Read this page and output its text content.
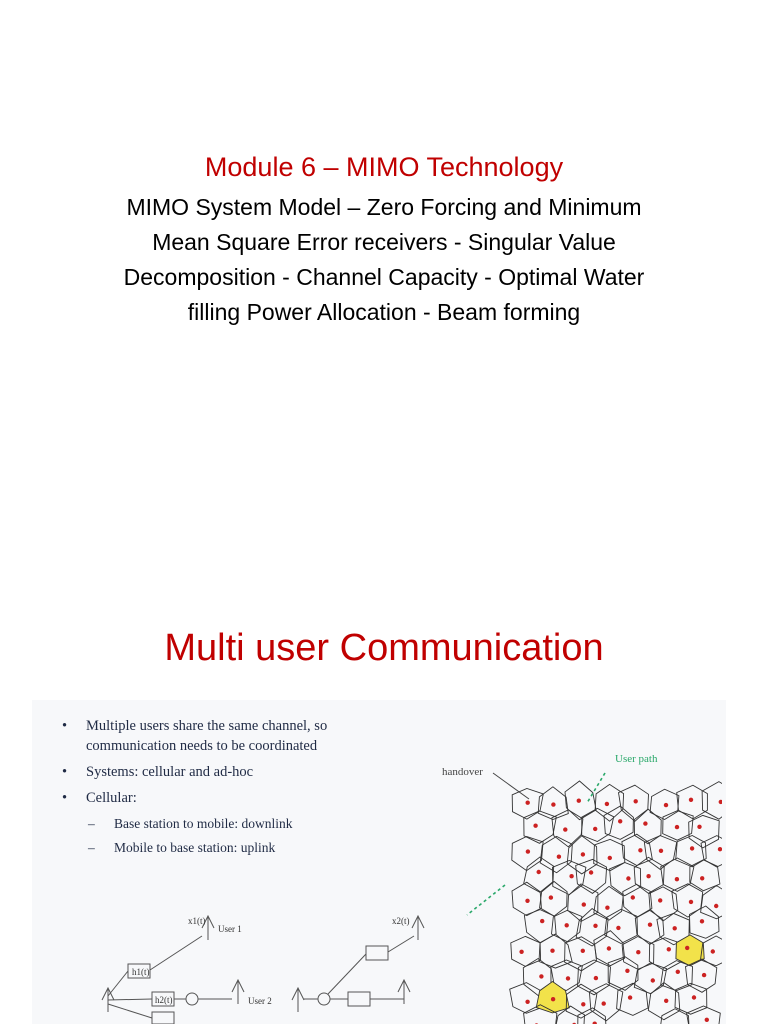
Module 6 – MIMO Technology
MIMO System Model – Zero Forcing and Minimum
Mean Square Error receivers - Singular Value
Decomposition - Channel Capacity - Optimal Water
filling Power Allocation - Beam forming
Multi user Communication
• Multiple users share the same channel, so
communication needs to be coordinated
• Systems: cellular and ad-hoc
• Cellular:
– Base station to mobile: downlink
– Mobile to base station: uplink
h1(t)
h2(t)
User 1
User 2
x1(t)	x2(t)
handover
User path
